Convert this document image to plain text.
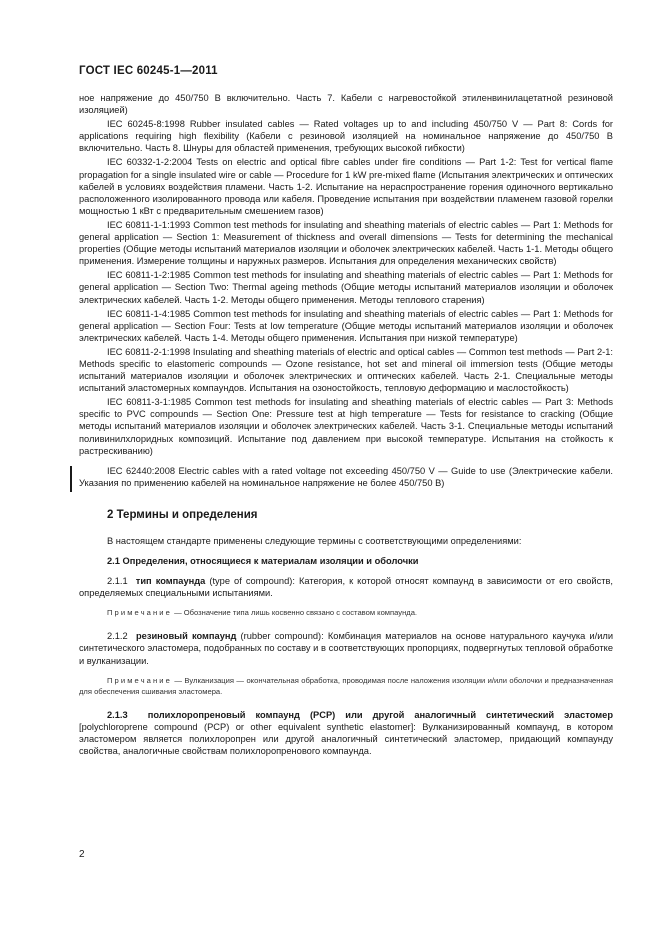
ГОСТ IEC 60245-1—2011

ное напряжение до 450/750 В включительно. Часть 7. Кабели с нагревостойкой этиленвинилацетатной резиновой изоляцией)

IEC 60245-8:1998 Rubber insulated cables — Rated voltages up to and including 450/750 V — Part 8: Cords for applications requiring high flexibility (Кабели с резиновой изоляцией на номинальное напряжение до 450/750 В включительно. Часть 8. Шнуры для областей применения, требующих высокой гибкости)

IEC 60332-1-2:2004 Tests on electric and optical fibre cables under fire conditions — Part 1-2: Test for vertical flame propagation for a single insulated wire or cable — Procedure for 1 kW pre-mixed flame (Испытания электрических и оптических кабелей в условиях воздействия пламени. Часть 1-2. Испытание на нераспространение горения одиночного вертикально расположенного изолированного провода или кабеля. Проведение испытания при воздействии пламенем газовой горелки мощностью 1 кВт с предварительным смешением газов)

IEC 60811-1-1:1993 Common test methods for insulating and sheathing materials of electric cables — Part 1: Methods for general application — Section 1: Measurement of thickness and overall dimensions — Tests for determining the mechanical properties (Общие методы испытаний материалов изоляции и оболочек электрических кабелей. Часть 1-1. Методы общего применения. Измерение толщины и наружных размеров. Испытания для определения механических свойств)

IEC 60811-1-2:1985 Common test methods for insulating and sheathing materials of electric cables — Part 1: Methods for general application — Section Two: Thermal ageing methods (Общие методы испытаний материалов изоляции и оболочек электрических кабелей. Часть 1-2. Методы общего применения. Методы теплового старения)

IEC 60811-1-4:1985 Common test methods for insulating and sheathing materials of electric cables — Part 1: Methods for general application — Section Four: Tests at low temperature (Общие методы испытаний материалов изоляции и оболочек электрических кабелей. Часть 1-4. Методы общего применения. Испытания при низкой температуре)

IEC 60811-2-1:1998 Insulating and sheathing materials of electric and optical cables — Common test methods — Part 2-1: Methods specific to elastomeric compounds — Ozone resistance, hot set and mineral oil immersion tests (Общие методы испытаний материалов изоляции и оболочек электрических и оптических кабелей. Часть 2-1. Специальные методы испытаний эластомерных компаундов. Испытания на озоностойкость, тепловую деформацию и маслостойкость)

IEC 60811-3-1:1985 Common test methods for insulating and sheathing materials of electric cables — Part 3: Methods specific to PVC compounds — Section One: Pressure test at high temperature — Tests for resistance to cracking (Общие методы испытаний материалов изоляции и оболочек электрических кабелей. Часть 3-1. Специальные методы испытаний поливинилхлоридных композиций. Испытание под давлением при высокой температуре. Испытания на стойкость к растрескиванию)

IEC 62440:2008 Electric cables with a rated voltage not exceeding 450/750 V — Guide to use (Электрические кабели. Указания по применению кабелей на номинальное напряжение не более 450/750 В)

2 Термины и определения

В настоящем стандарте применены следующие термины с соответствующими определениями:

2.1 Определения, относящиеся к материалам изоляции и оболочки

2.1.1 тип компаунда (type of compound): Категория, к которой относят компаунд в зависимости от его свойств, определяемых специальными испытаниями.

Примечание — Обозначение типа лишь косвенно связано с составом компаунда.

2.1.2 резиновый компаунд (rubber compound): Комбинация материалов на основе натурального каучука и/или синтетического эластомера, подобранных по составу и в соответствующих пропорциях, подвергнутых тепловой обработке и вулканизации.

Примечание — Вулканизация — окончательная обработка, проводимая после наложения изоляции и/или оболочки и предназначенная для обеспечения сшивания эластомера.

2.1.3 полихлоропреновый компаунд (PCP) или другой аналогичный синтетический эластомер [polychloroprene compound (PCP) or other equivalent synthetic elastomer]: Вулканизированный компаунд, в котором эластомером является полихлоропрен или другой аналогичный синтетический эластомер, придающий компаунду свойства, аналогичные свойствам полихлоропренового компаунда.

2
